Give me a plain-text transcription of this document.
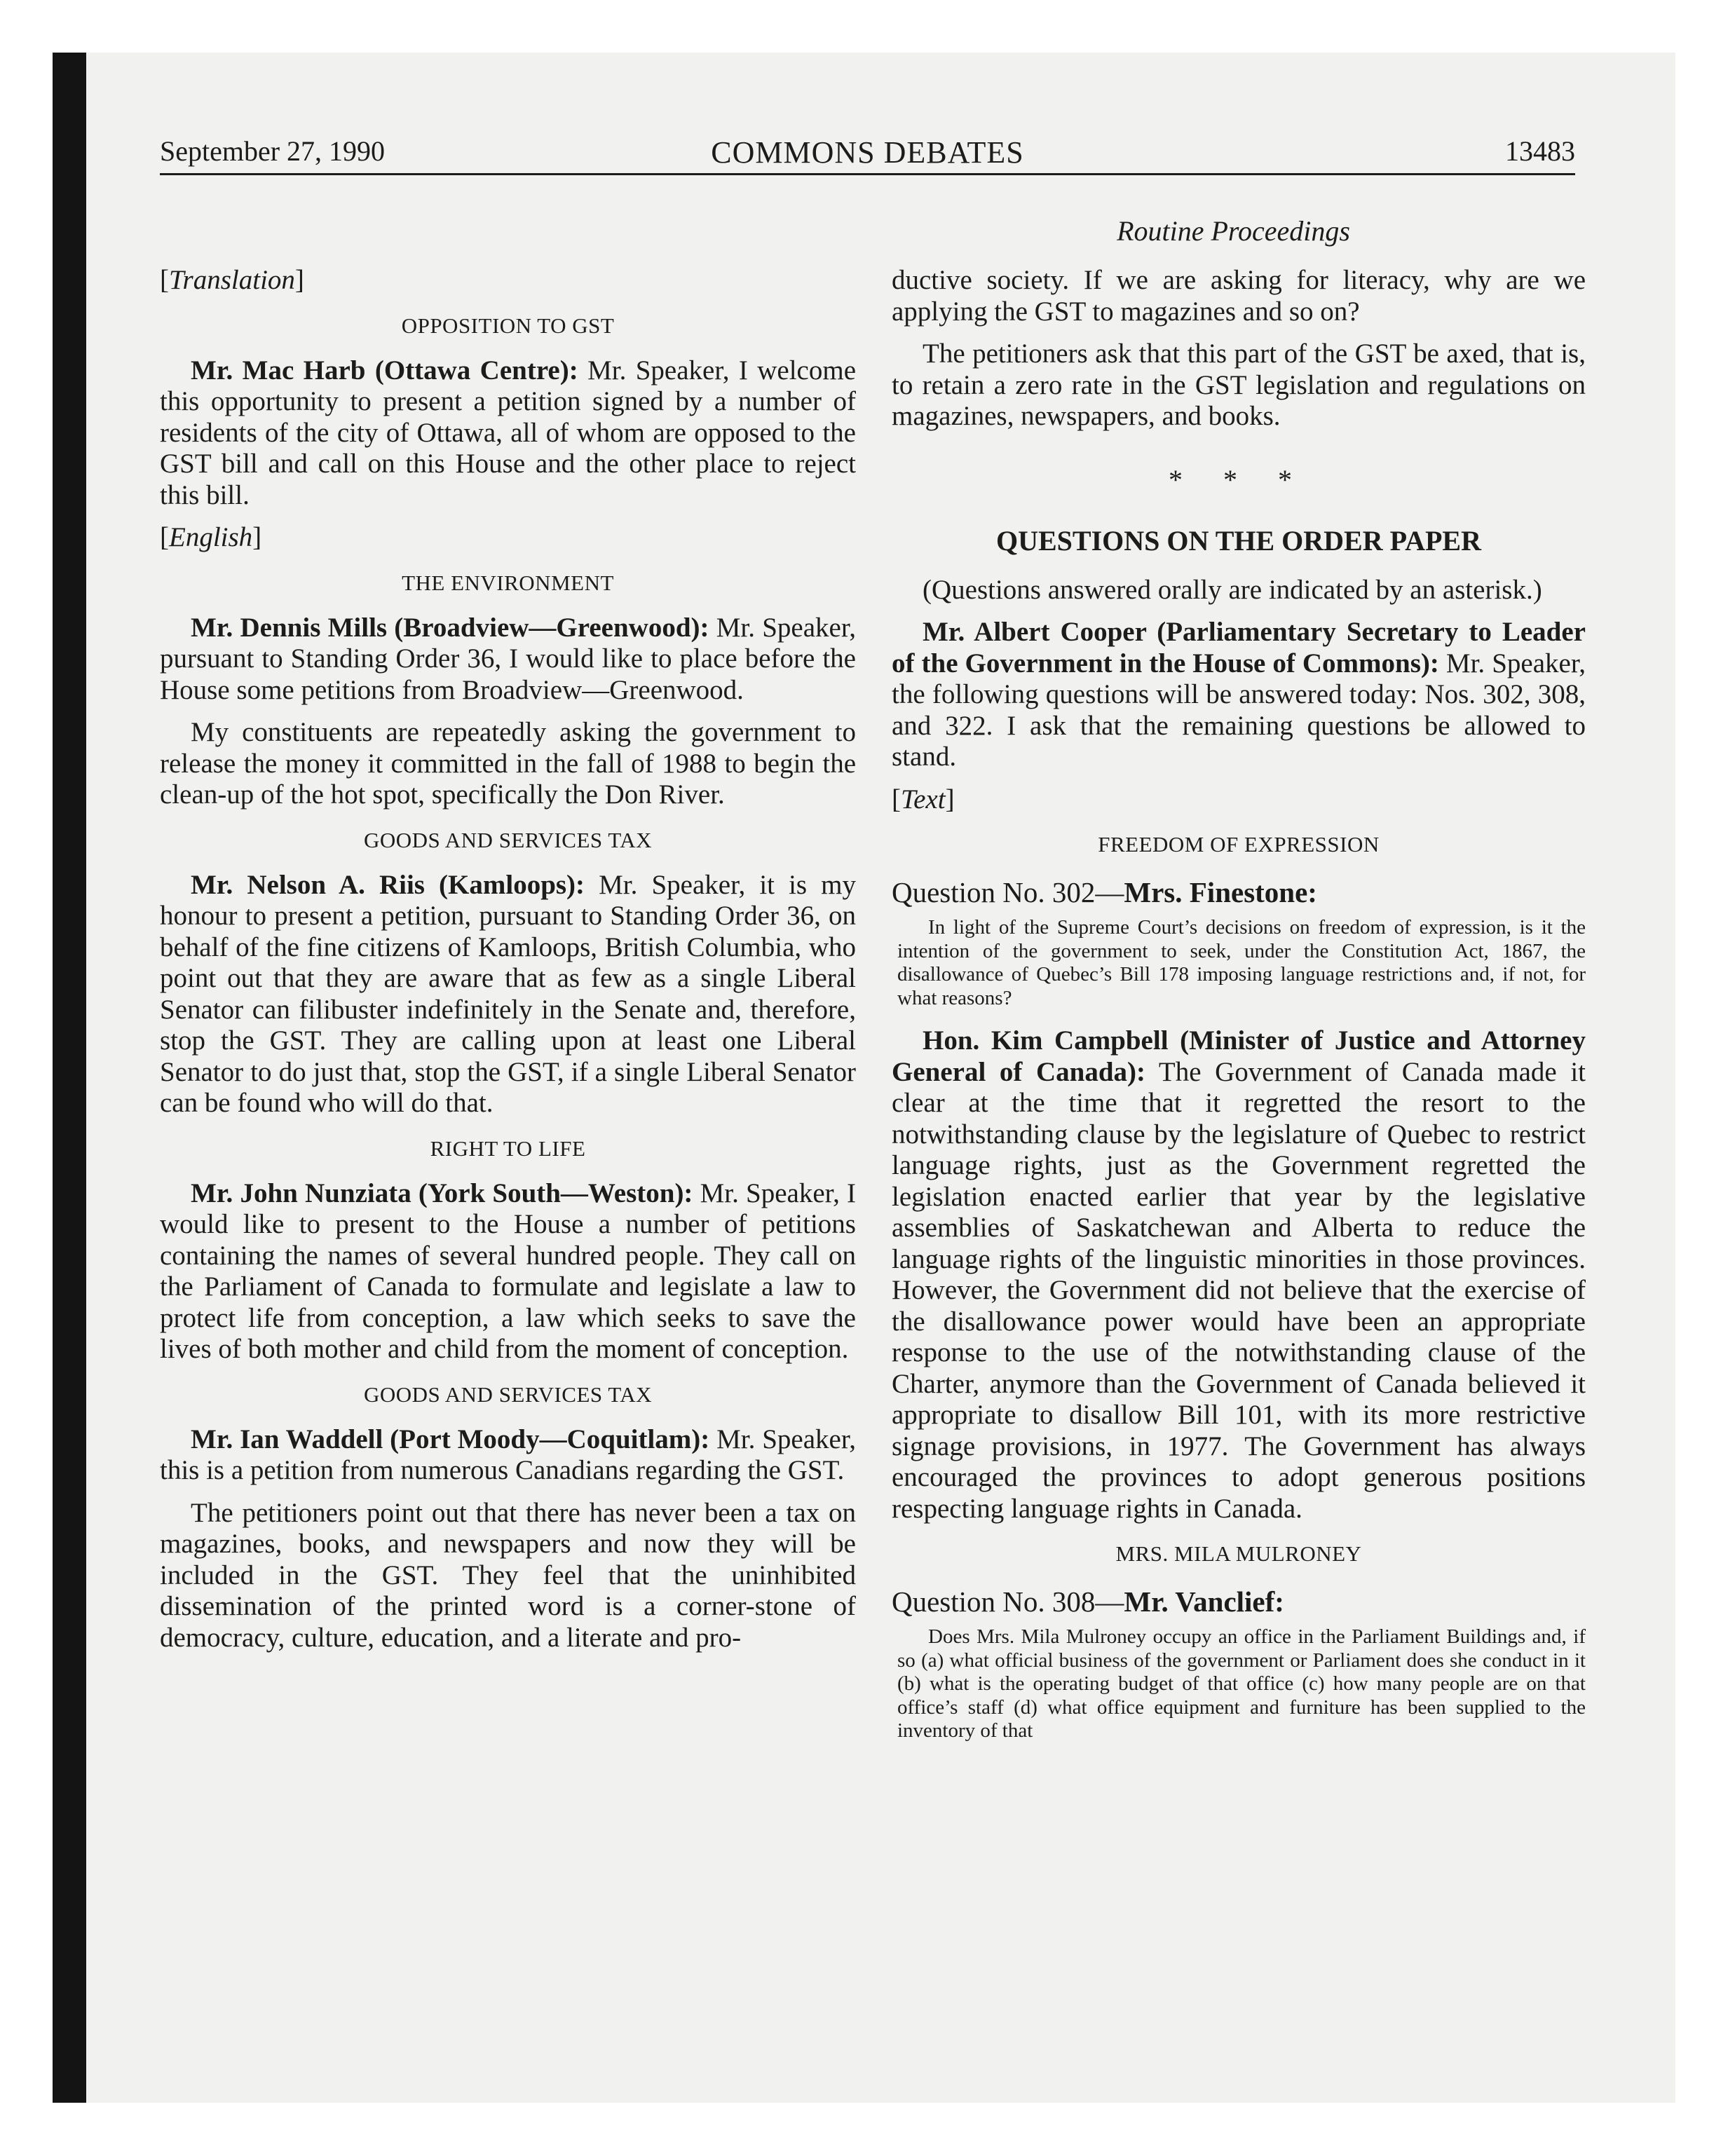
September 27, 1990	COMMONS DEBATES	13483
Routine Proceedings

[Translation]

OPPOSITION TO GST

Mr. Mac Harb (Ottawa Centre): Mr. Speaker, I welcome this opportunity to present a petition signed by a number of residents of the city of Ottawa, all of whom are opposed to the GST bill and call on this House and the other place to reject this bill.

[English]

THE ENVIRONMENT

Mr. Dennis Mills (Broadview—Greenwood): Mr. Speaker, pursuant to Standing Order 36, I would like to place before the House some petitions from Broadview—Greenwood.

My constituents are repeatedly asking the government to release the money it committed in the fall of 1988 to begin the clean-up of the hot spot, specifically the Don River.

GOODS AND SERVICES TAX

Mr. Nelson A. Riis (Kamloops): Mr. Speaker, it is my honour to present a petition, pursuant to Standing Order 36, on behalf of the fine citizens of Kamloops, British Columbia, who point out that they are aware that as few as a single Liberal Senator can filibuster indefinitely in the Senate and, therefore, stop the GST. They are calling upon at least one Liberal Senator to do just that, stop the GST, if a single Liberal Senator can be found who will do that.

RIGHT TO LIFE

Mr. John Nunziata (York South—Weston): Mr. Speaker, I would like to present to the House a number of petitions containing the names of several hundred people. They call on the Parliament of Canada to formulate and legislate a law to protect life from conception, a law which seeks to save the lives of both mother and child from the moment of conception.

GOODS AND SERVICES TAX

Mr. Ian Waddell (Port Moody—Coquitlam): Mr. Speaker, this is a petition from numerous Canadians regarding the GST.

The petitioners point out that there has never been a tax on magazines, books, and newspapers and now they will be included in the GST. They feel that the uninhibited dissemination of the printed word is a corner-stone of democracy, culture, education, and a literate and pro-

ductive society. If we are asking for literacy, why are we applying the GST to magazines and so on?

The petitioners ask that this part of the GST be axed, that is, to retain a zero rate in the GST legislation and regulations on magazines, newspapers, and books.

* * *

QUESTIONS ON THE ORDER PAPER

(Questions answered orally are indicated by an asterisk.)

Mr. Albert Cooper (Parliamentary Secretary to Leader of the Government in the House of Commons): Mr. Speaker, the following questions will be answered today: Nos. 302, 308, and 322. I ask that the remaining questions be allowed to stand.

[Text]

FREEDOM OF EXPRESSION

Question No. 302—Mrs. Finestone:

In light of the Supreme Court’s decisions on freedom of expression, is it the intention of the government to seek, under the Constitution Act, 1867, the disallowance of Quebec’s Bill 178 imposing language restrictions and, if not, for what reasons?

Hon. Kim Campbell (Minister of Justice and Attorney General of Canada): The Government of Canada made it clear at the time that it regretted the resort to the notwithstanding clause by the legislature of Quebec to restrict language rights, just as the Government regretted the legislation enacted earlier that year by the legislative assemblies of Saskatchewan and Alberta to reduce the language rights of the linguistic minorities in those provinces. However, the Government did not believe that the exercise of the disallowance power would have been an appropriate response to the use of the notwithstanding clause of the Charter, anymore than the Government of Canada believed it appropriate to disallow Bill 101, with its more restrictive signage provisions, in 1977. The Government has always encouraged the provinces to adopt generous positions respecting language rights in Canada.

MRS. MILA MULRONEY

Question No. 308—Mr. Vanclief:

Does Mrs. Mila Mulroney occupy an office in the Parliament Buildings and, if so (a) what official business of the government or Parliament does she conduct in it (b) what is the operating budget of that office (c) how many people are on that office’s staff (d) what office equipment and furniture has been supplied to the inventory of that
